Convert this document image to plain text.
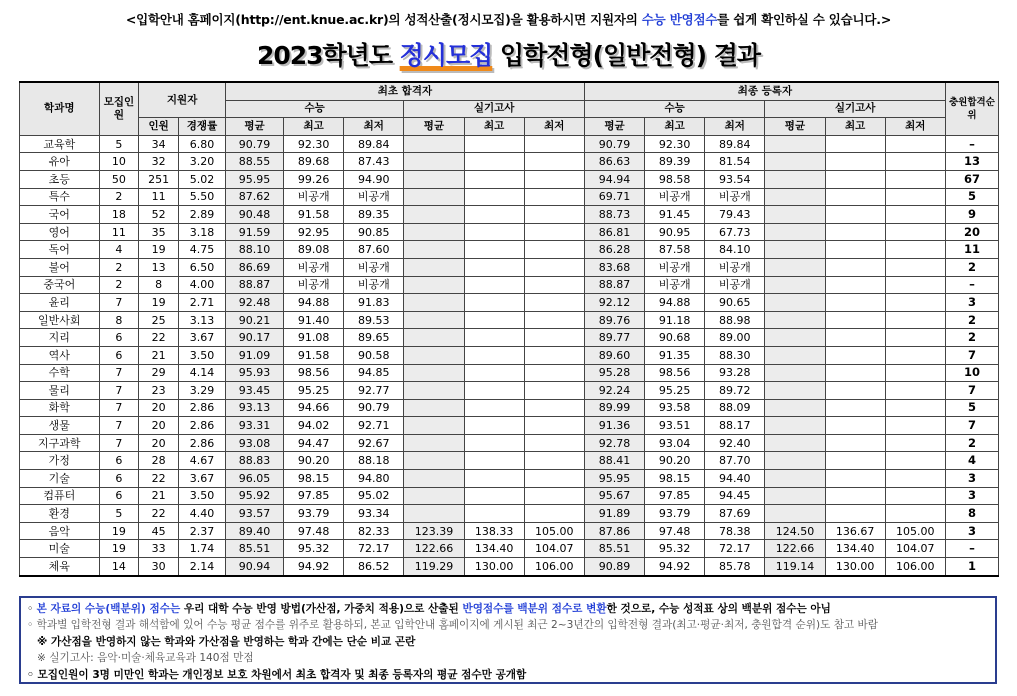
<입학안내 홈페이지(http://ent.knue.ac.kr)의 성적산출(정시모집)을 활용하시면 지원자의 수능 반영점수를 쉽게 확인하실 수 있습니다.>
2023학년도 정시모집 입학전형(일반전형) 결과
학과명	모집인원	지원자		최초 합격자						최종 등록자						충원합격순위
				수능			실기고사			수능			실기고사			
		인원	경쟁률	평균	최고	최저	평균	최고	최저	평균	최고	최저	평균	최고	최저	
교육학	5	34	6.80	90.79	92.30	89.84				90.79	92.30	89.84				–
유아	10	32	3.20	88.55	89.68	87.43				86.63	89.39	81.54				13
초등	50	251	5.02	95.95	99.26	94.90				94.94	98.58	93.54				67
특수	2	11	5.50	87.62	비공개	비공개				69.71	비공개	비공개				5
국어	18	52	2.89	90.48	91.58	89.35				88.73	91.45	79.43				9
영어	11	35	3.18	91.59	92.95	90.85				86.81	90.95	67.73				20
독어	4	19	4.75	88.10	89.08	87.60				86.28	87.58	84.10				11
불어	2	13	6.50	86.69	비공개	비공개				83.68	비공개	비공개				2
중국어	2	8	4.00	88.87	비공개	비공개				88.87	비공개	비공개				–
윤리	7	19	2.71	92.48	94.88	91.83				92.12	94.88	90.65				3
일반사회	8	25	3.13	90.21	91.40	89.53				89.76	91.18	88.98				2
지리	6	22	3.67	90.17	91.08	89.65				89.77	90.68	89.00				2
역사	6	21	3.50	91.09	91.58	90.58				89.60	91.35	88.30				7
수학	7	29	4.14	95.93	98.56	94.85				95.28	98.56	93.28				10
물리	7	23	3.29	93.45	95.25	92.77				92.24	95.25	89.72				7
화학	7	20	2.86	93.13	94.66	90.79				89.99	93.58	88.09				5
생물	7	20	2.86	93.31	94.02	92.71				91.36	93.51	88.17				7
지구과학	7	20	2.86	93.08	94.47	92.67				92.78	93.04	92.40				2
가정	6	28	4.67	88.83	90.20	88.18				88.41	90.20	87.70				4
기술	6	22	3.67	96.05	98.15	94.80				95.95	98.15	94.40				3
컴퓨터	6	21	3.50	95.92	97.85	95.02				95.67	97.85	94.45				3
환경	5	22	4.40	93.57	93.79	93.34				91.89	93.79	87.69				8
음악	19	45	2.37	89.40	97.48	82.33	123.39	138.33	105.00	87.86	97.48	78.38	124.50	136.67	105.00	3
미술	19	33	1.74	85.51	95.32	72.17	122.66	134.40	104.07	85.51	95.32	72.17	122.66	134.40	104.07	–
체육	14	30	2.14	90.94	94.92	86.52	119.29	130.00	106.00	90.89	94.92	85.78	119.14	130.00	106.00	1
◦ 본 자료의 수능(백분위) 점수는 우리 대학 수능 반영 방법(가산점, 가중치 적용)으로 산출된 반영점수를 백분위 점수로 변환한 것으로, 수능 성적표 상의 백분위 점수는 아님
◦ 학과별 입학전형 결과 해석함에 있어 수능 평균 점수를 위주로 활용하되, 본교 입학안내 홈페이지에 게시된 최근 2~3년간의 입학전형 결과(최고·평균·최저, 충원합격 순위)도 참고 바람
※ 가산점을 반영하지 않는 학과와 가산점을 반영하는 학과 간에는 단순 비교 곤란
※ 실기고사: 음악·미술·체육교육과 140점 만점
◦ 모집인원이 3명 미만인 학과는 개인정보 보호 차원에서 최초 합격자 및 최종 등록자의 평균 점수만 공개함
